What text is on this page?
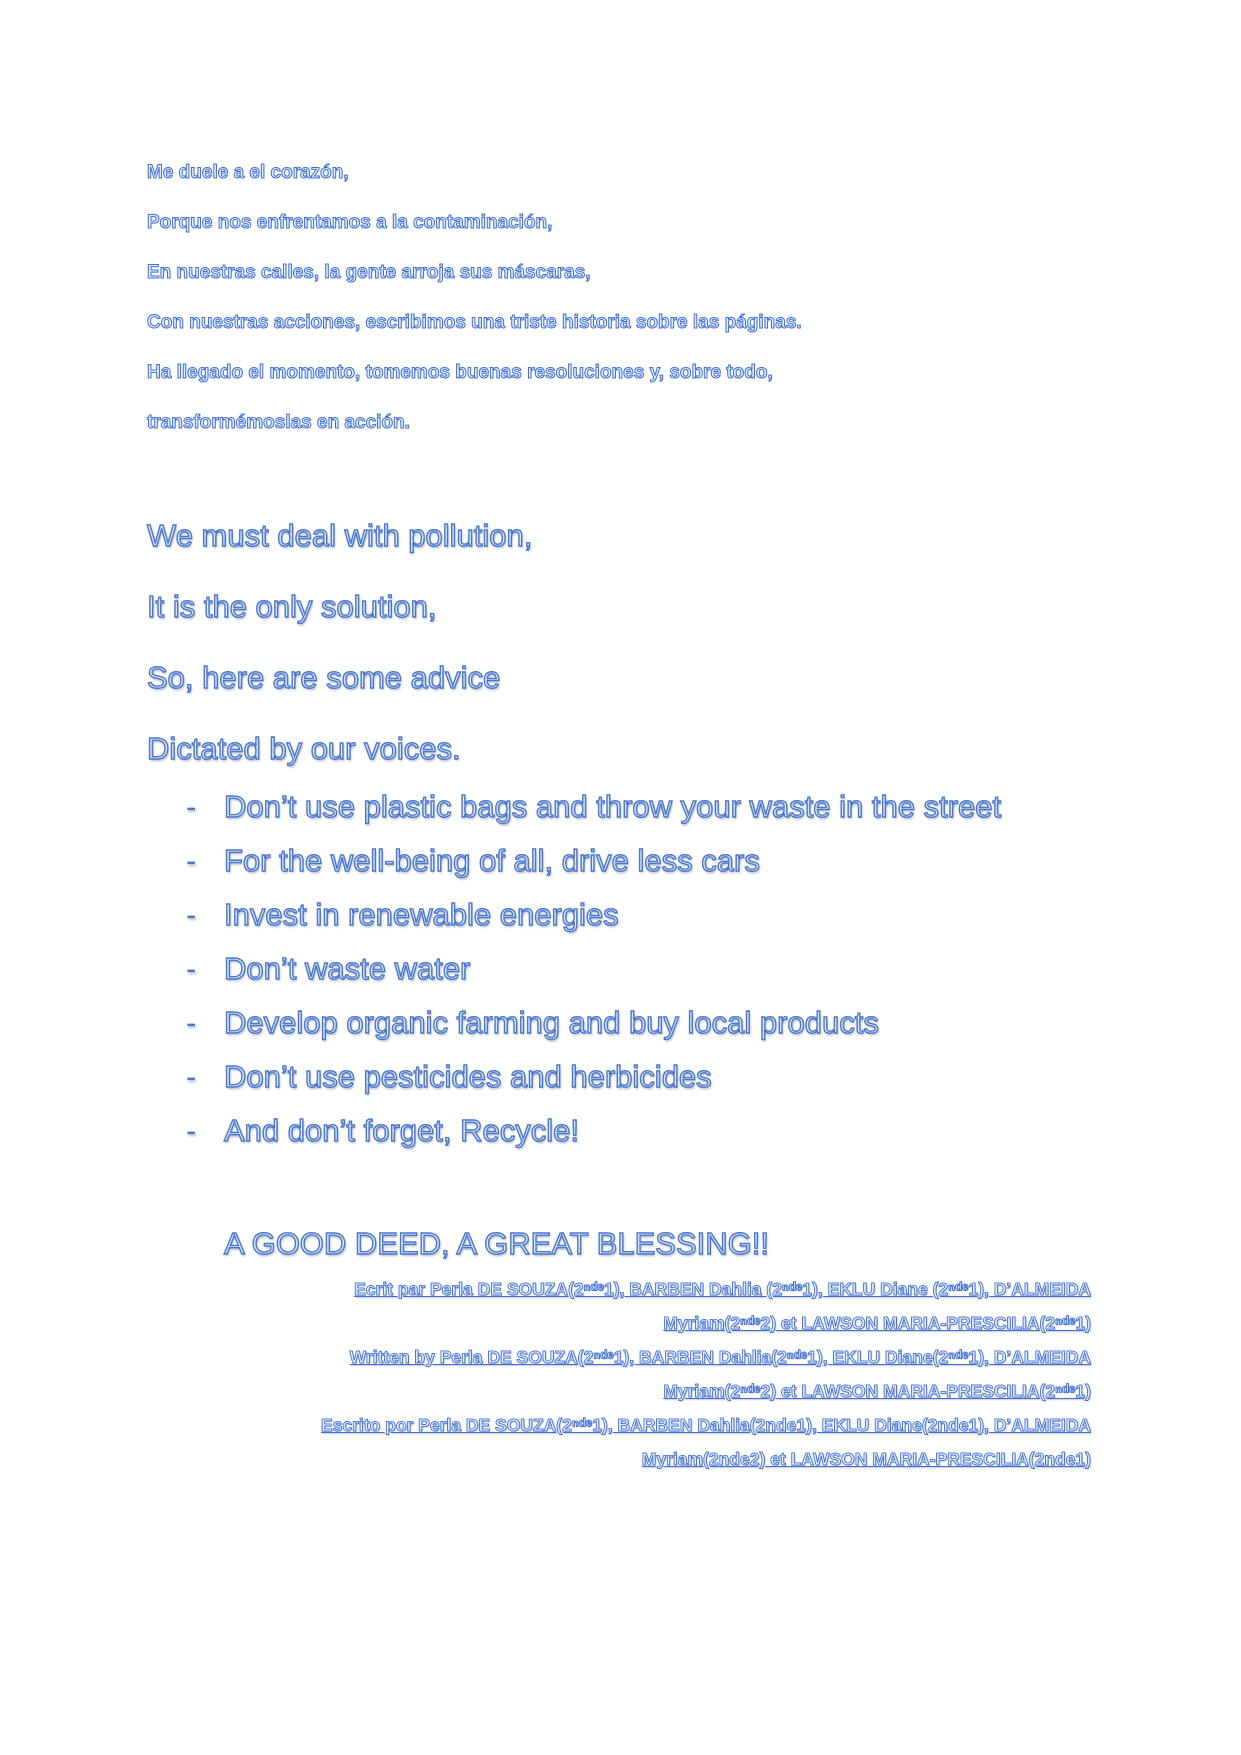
Me duele a el corazón,
Porque nos enfrentamos a la contaminación,
En nuestras calles, la gente arroja sus máscaras,
Con nuestras acciones, escribimos una triste historia sobre las páginas.
Ha llegado el momento, tomemos buenas resoluciones y, sobre todo,
transformémoslas en acción.
We must deal with pollution,
It is the only solution,
So, here are some advice
Dictated by our voices.
- Don’t use plastic bags and throw your waste in the street
- For the well-being of all, drive less cars
- Invest in renewable energies
- Don’t waste water
- Develop organic farming and buy local products
- Don’t use pesticides and herbicides
- And don’t forget, Recycle!
A GOOD DEED, A GREAT BLESSING!!
Ecrit par Perla DE SOUZA(2ⁿᵈᵉ1), BARBEN Dahlia (2ⁿᵈᵉ1), EKLU Diane (2ⁿᵈᵉ1), D’ALMEIDA
Myriam(2ⁿᵈᵉ2) et LAWSON MARIA-PRESCILIA(2ⁿᵈᵉ1)
Written by Perla DE SOUZA(2ⁿᵈᵉ1), BARBEN Dahlia(2ⁿᵈᵉ1), EKLU Diane(2ⁿᵈᵉ1), D’ALMEIDA
Myriam(2ⁿᵈᵉ2) et LAWSON MARIA-PRESCILIA(2ⁿᵈᵉ1)
Escrito por Perla DE SOUZA(2ⁿᵈᵉ1), BARBEN Dahlia(2nde1), EKLU Diane(2nde1), D’ALMEIDA
Myriam(2nde2) et LAWSON MARIA-PRESCILIA(2nde1)
